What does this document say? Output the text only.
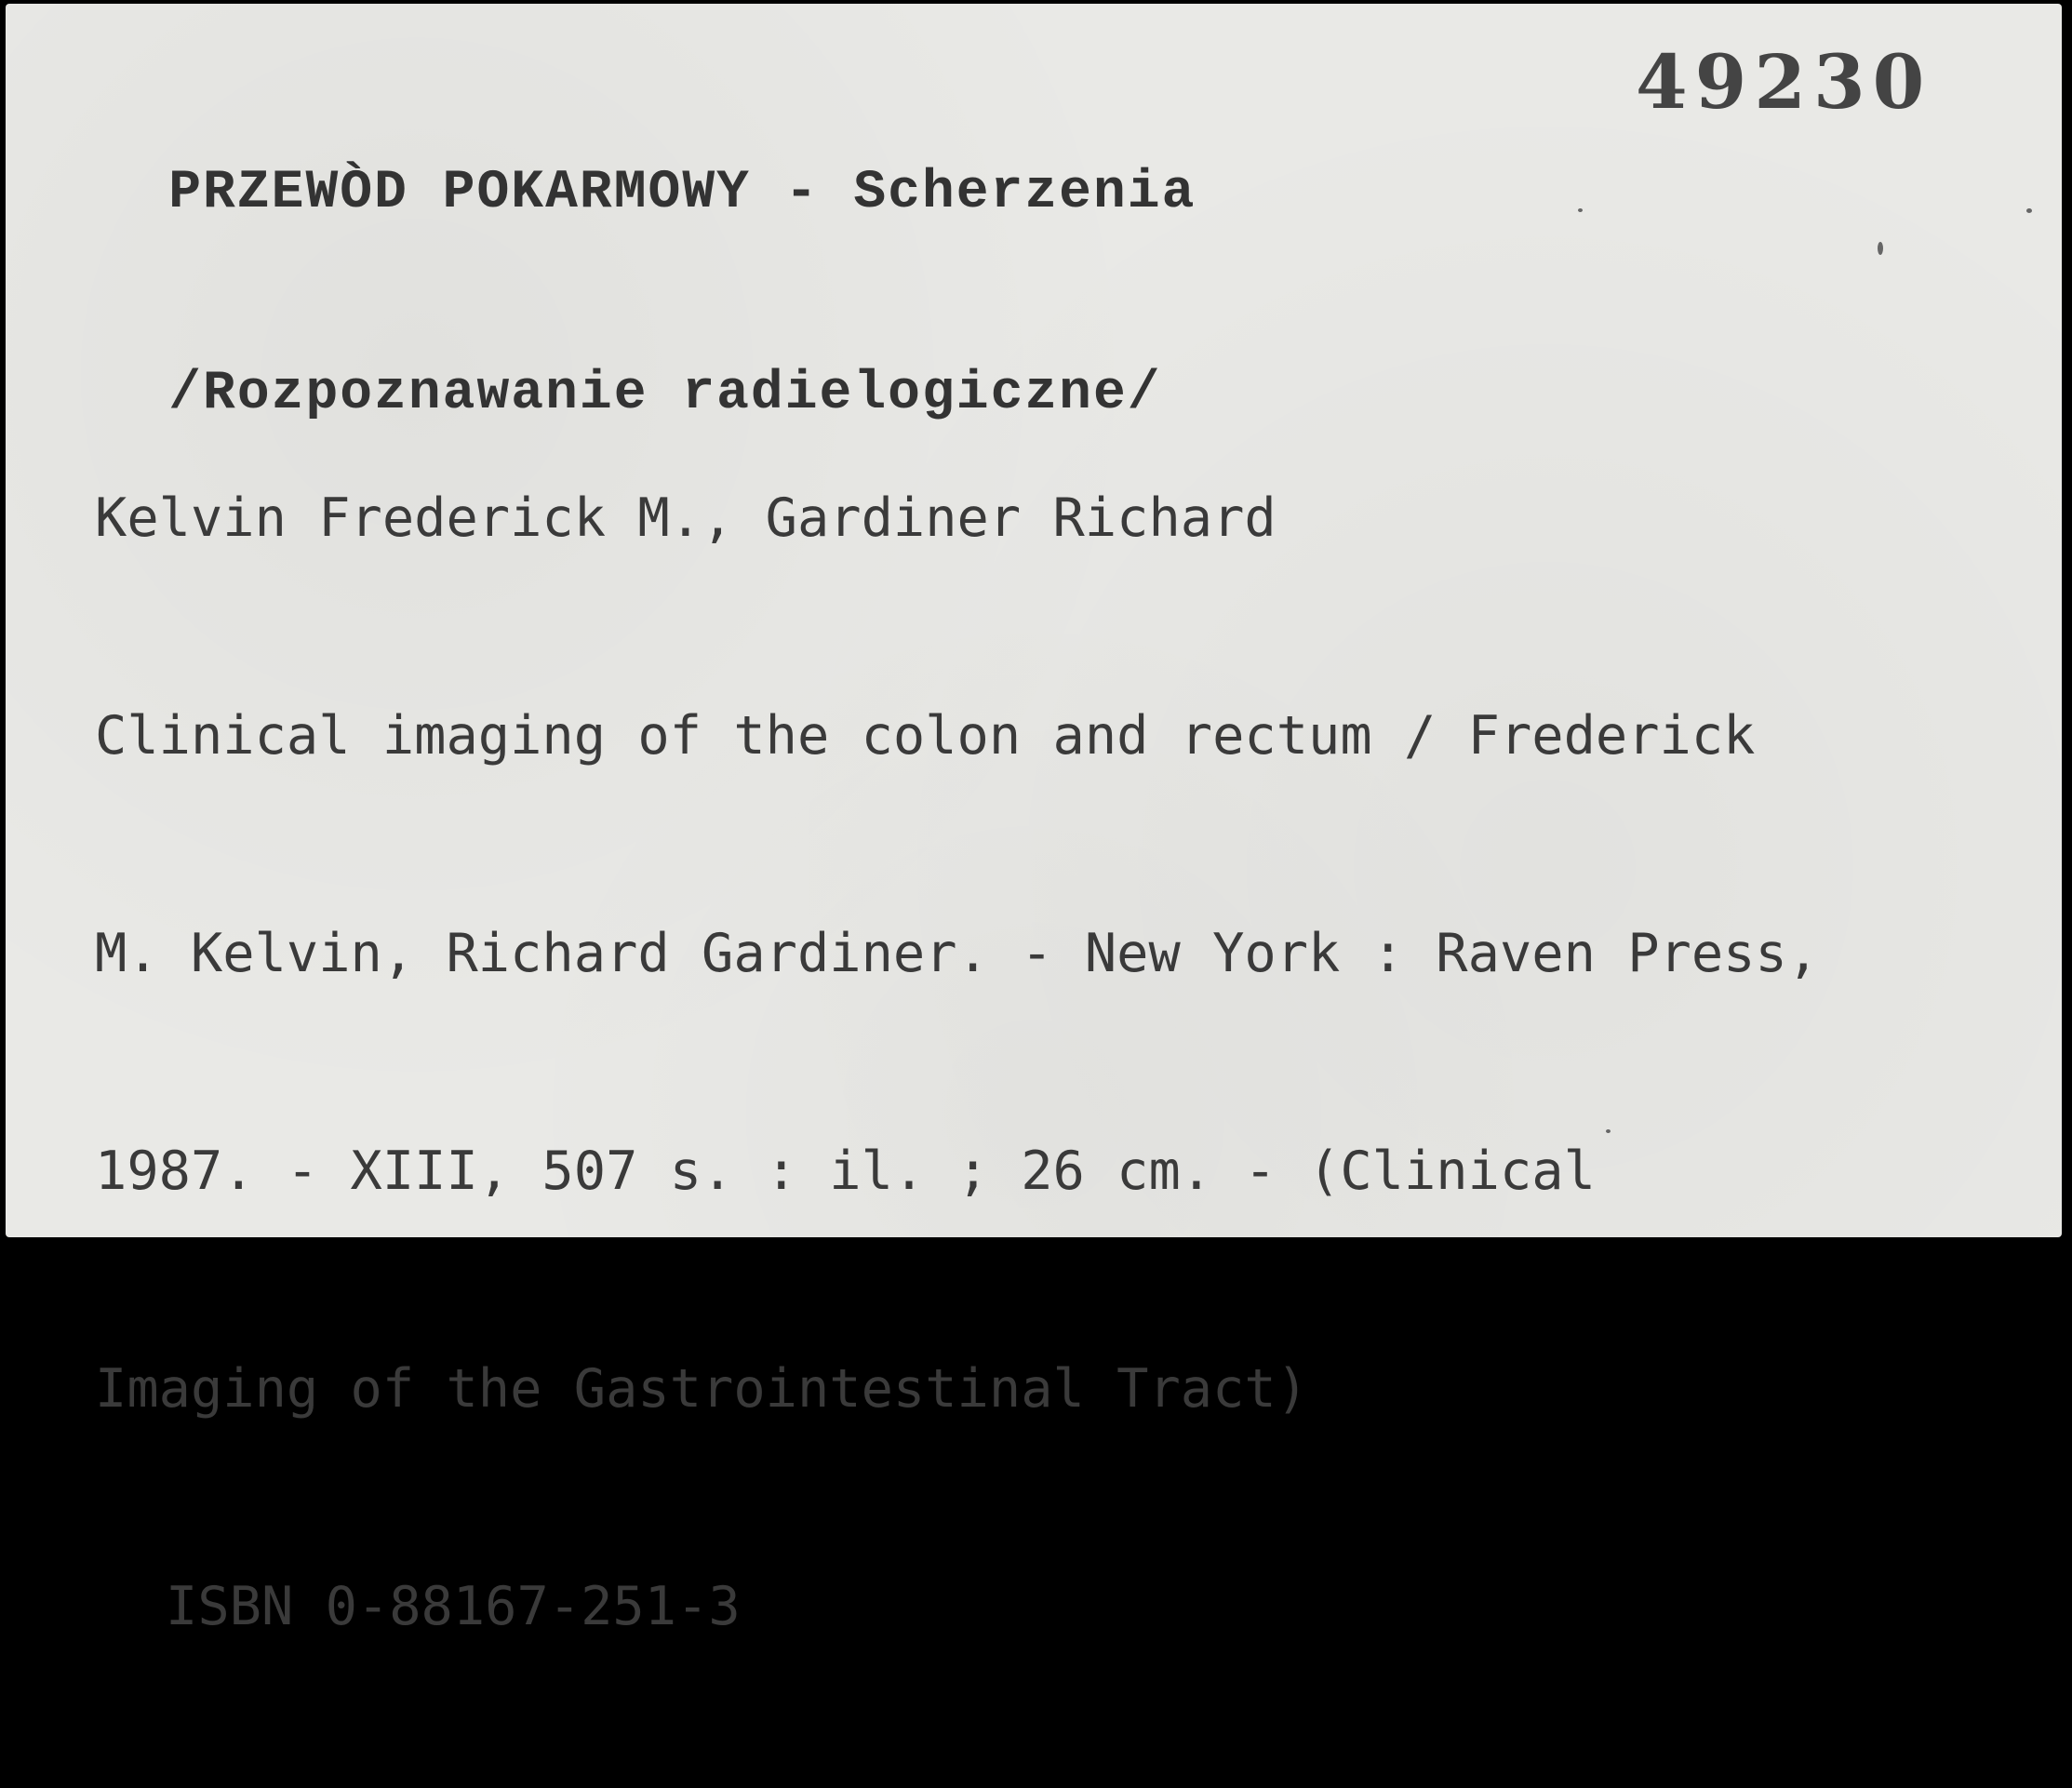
PRZEWÒD POKARMOWY - Scherzenia

/Rozpoznawanie radielogiczne/

49230

Kelvin Frederick M., Gardiner Richard

Clinical imaging of the colon and rectum / Frederick

M. Kelvin, Richard Gardiner. - New York : Raven Press,

1987. - XIII, 507 s. : il. ; 26 cm. - (Clinical

Imaging of the Gastrointestinal Tract)

ISBN 0-88167-251-3
